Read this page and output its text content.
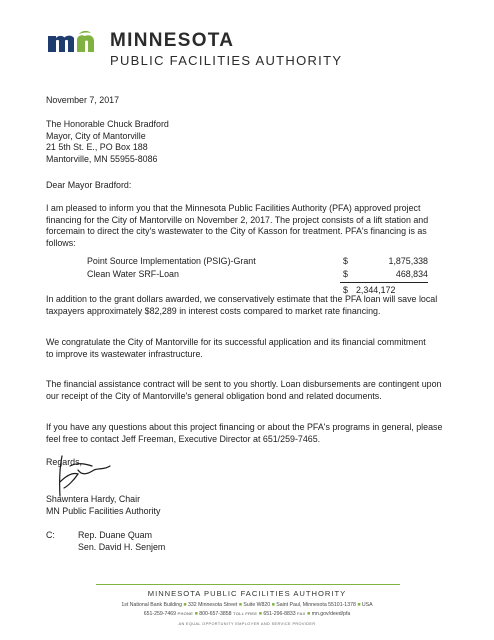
MINNESOTA
PUBLIC FACILITIES AUTHORITY
November 7, 2017
The Honorable Chuck Bradford
Mayor, City of Mantorville
21 5th St. E., PO Box 188
Mantorville, MN 55955-8086
Dear Mayor Bradford:
I am pleased to inform you that the Minnesota Public Facilities Authority (PFA) approved project
financing for the City of Mantorville on November 2, 2017. The project consists of a lift station and
forcemain to direct the city's wastewater to the City of Kasson for treatment. PFA's financing is as
follows:
Point Source Implementation (PSIG)-Grant	$	1,875,338
Clean Water SRF-Loan	$	468,834
$ 2,344,172
In addition to the grant dollars awarded, we conservatively estimate that the PFA loan will save local
taxpayers approximately $82,289 in interest costs compared to market rate financing.
We congratulate the City of Mantorville for its successful application and its financial commitment
to improve its wastewater infrastructure.
The financial assistance contract will be sent to you shortly. Loan disbursements are contingent upon
our receipt of the City of Mantorville's general obligation bond and related documents.
If you have any questions about this project financing or about the PFA's programs in general, please
feel free to contact Jeff Freeman, Executive Director at 651/259-7465.
Regards,
Shawntera Hardy, Chair
MN Public Facilities Authority
C:	Rep. Duane Quam
Sen. David H. Senjem
MINNESOTA PUBLIC FACILITIES AUTHORITY
1st National Bank Building ■ 332 Minnesota Street ■ Suite W820 ■ Saint Paul, Minnesota 55101-1378 ■ USA
651-259-7469 PHONE ■ 800-657-3858 TOLL FREE ■ 651-296-8833 FAX ■ mn.gov/deed/pfa
AN EQUAL OPPORTUNITY EMPLOYER AND SERVICE PROVIDER
